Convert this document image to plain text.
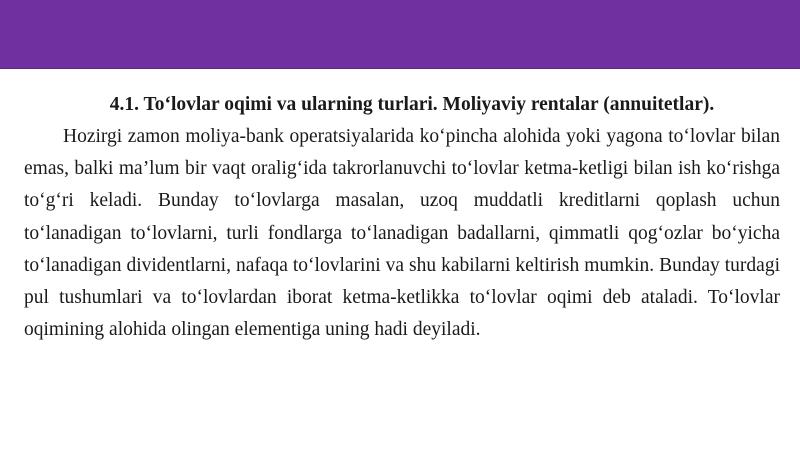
4.1. To‘lovlar oqimi va ularning turlari. Moliyaviy rentalar (annuitetlar).

Hozirgi zamon moliya-bank operatsiyalarida ko‘pincha alohida yoki yagona to‘lovlar bilan emas, balki ma’lum bir vaqt oralig‘ida takrorlanuvchi to‘lovlar ketma-ketligi bilan ish ko‘rishga to‘g‘ri keladi. Bunday to‘lovlarga masalan, uzoq muddatli kreditlarni qoplash uchun to‘lanadigan to‘lovlarni, turli fondlarga to‘lanadigan badallarni, qimmatli qog‘ozlar bo‘yicha to‘lanadigan dividentlarni, nafaqa to‘lovlarini va shu kabilarni keltirish mumkin. Bunday turdagi pul tushumlari va to‘lovlardan iborat ketma-ketlikka to‘lovlar oqimi deb ataladi. To‘lovlar oqimining alohida olingan elementiga uning hadi deyiladi.
